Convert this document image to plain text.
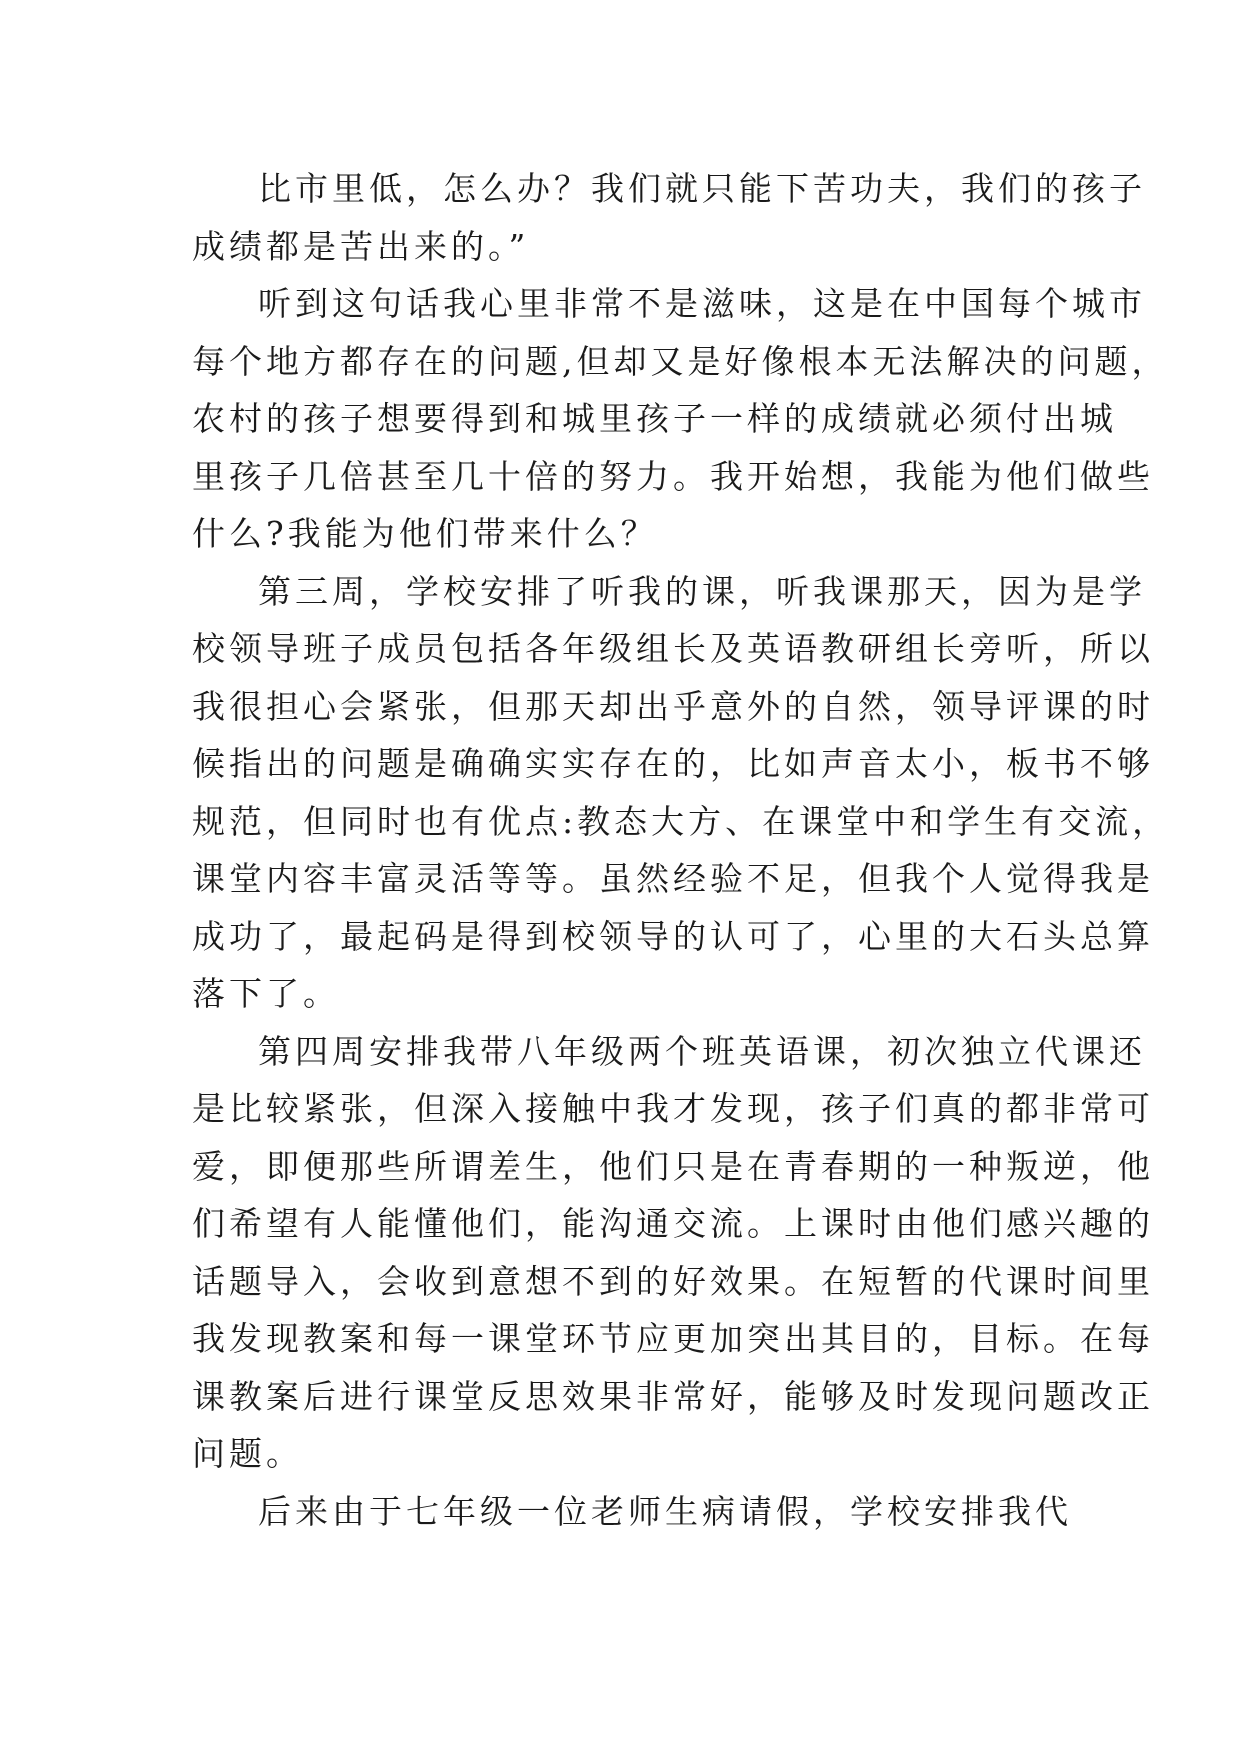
比市里低，怎么办？我们就只能下苦功夫，我们的孩子
成绩都是苦出来的。”
听到这句话我心里非常不是滋味，这是在中国每个城市
每个地方都存在的问题,但却又是好像根本无法解决的问题，
农村的孩子想要得到和城里孩子一样的成绩就必须付出城
里孩子几倍甚至几十倍的努力。我开始想，我能为他们做些
什么?我能为他们带来什么？
第三周，学校安排了听我的课，听我课那天，因为是学
校领导班子成员包括各年级组长及英语教研组长旁听，所以
我很担心会紧张，但那天却出乎意外的自然，领导评课的时
候指出的问题是确确实实存在的，比如声音太小，板书不够
规范，但同时也有优点:教态大方、在课堂中和学生有交流，
课堂内容丰富灵活等等。虽然经验不足，但我个人觉得我是
成功了，最起码是得到校领导的认可了，心里的大石头总算
落下了。
第四周安排我带八年级两个班英语课，初次独立代课还
是比较紧张，但深入接触中我才发现，孩子们真的都非常可
爱，即便那些所谓差生，他们只是在青春期的一种叛逆，他
们希望有人能懂他们，能沟通交流。上课时由他们感兴趣的
话题导入，会收到意想不到的好效果。在短暂的代课时间里
我发现教案和每一课堂环节应更加突出其目的，目标。在每
课教案后进行课堂反思效果非常好，能够及时发现问题改正
问题。
后来由于七年级一位老师生病请假，学校安排我代
